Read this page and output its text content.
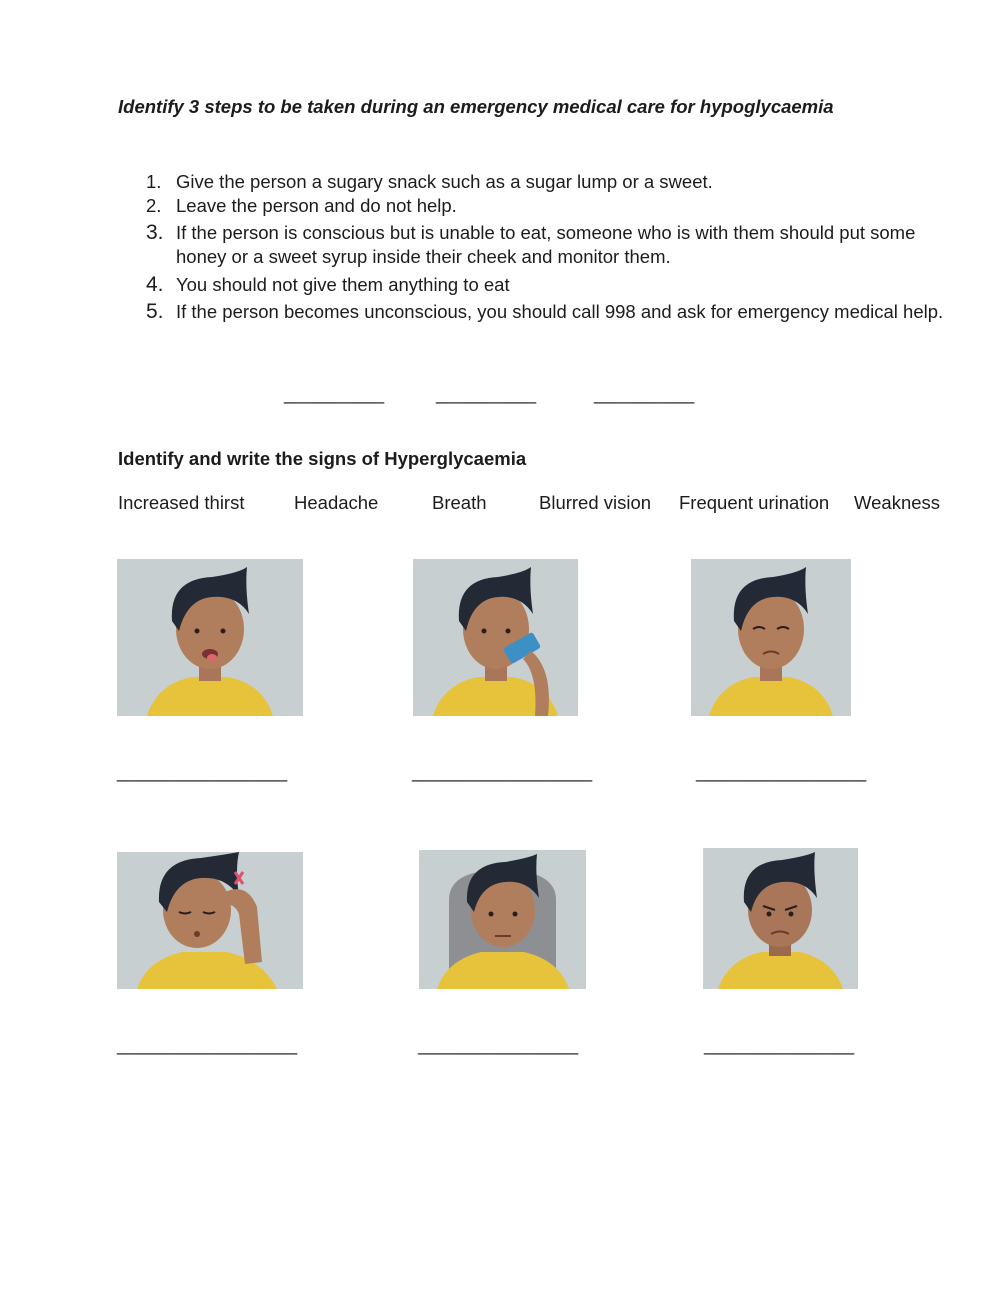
Identify 3 steps to be taken during an emergency medical care for hypoglycaemia
1. Give the person a sugary snack such as a sugar lump or a sweet.
2. Leave the person and do not help.
3. If the person is conscious but is unable to eat, someone who is with them should put some honey or a sweet syrup inside their cheek and monitor them.
4. You should not give them anything to eat
5. If the person becomes unconscious, you should call 998 and ask for emergency medical help.
__________	__________	__________
Identify and write the signs of Hyperglycaemia
Increased thirst	Headache	Breath	Blurred vision Frequent urination Weakness
_________________	__________________	_________________
__________________	________________	_______________
